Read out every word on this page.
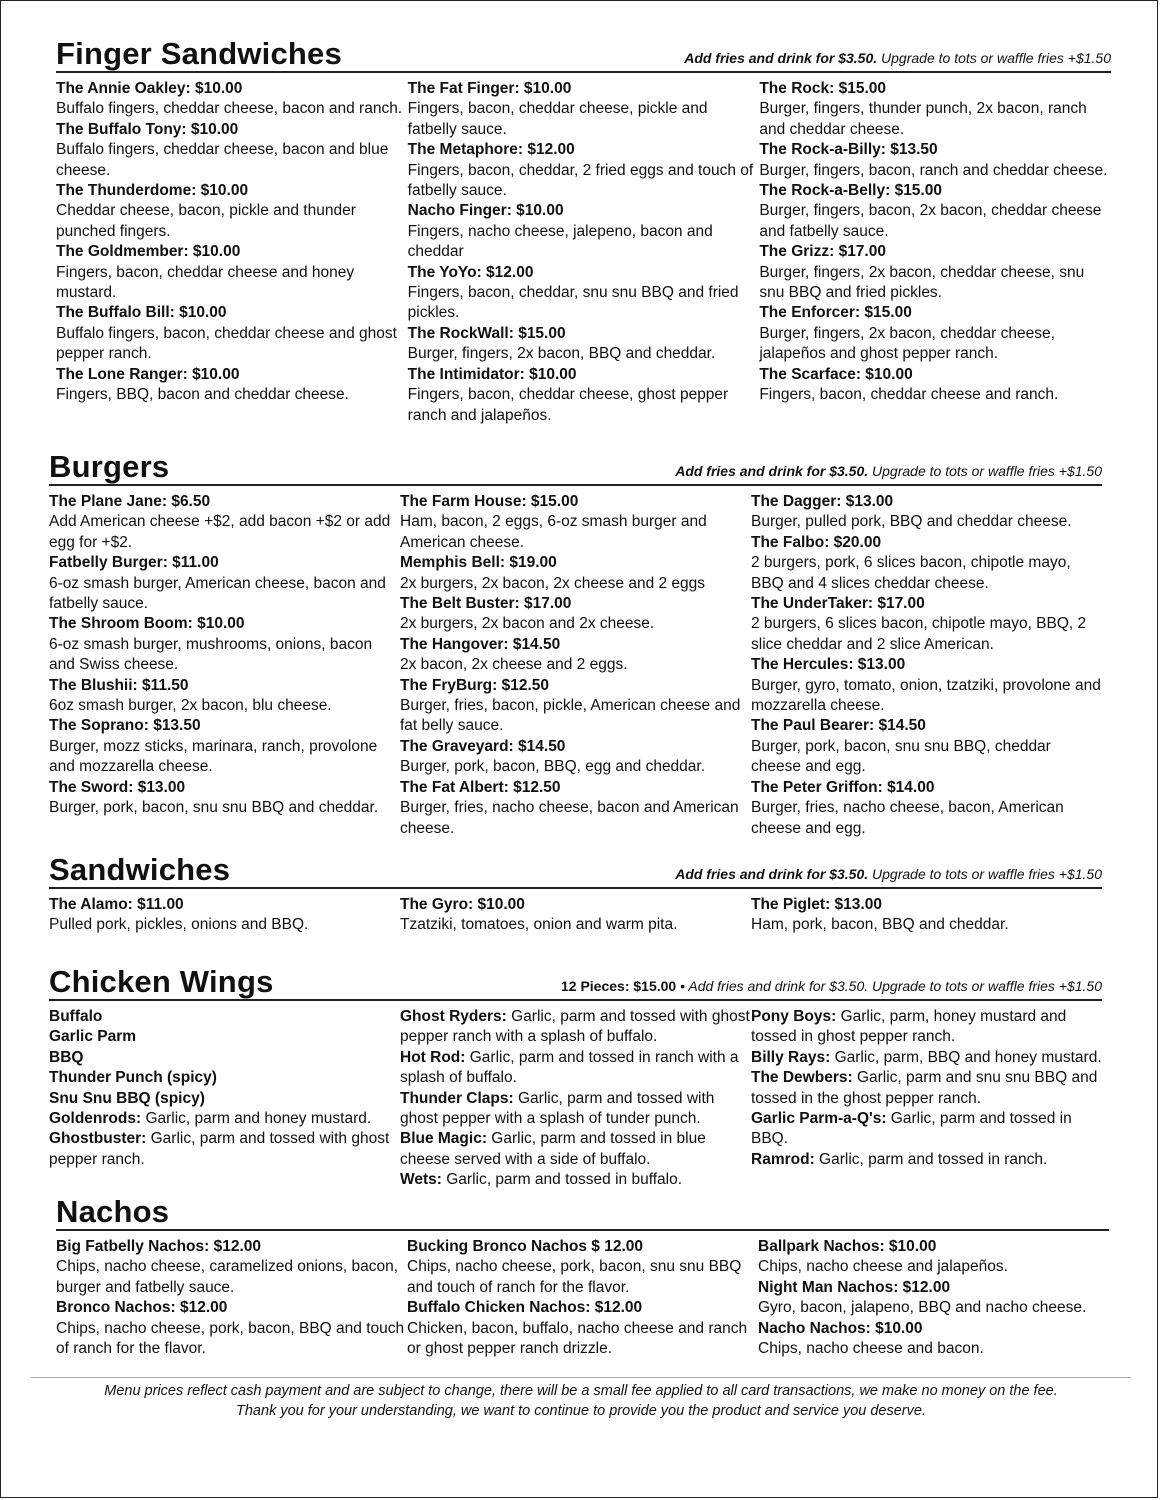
Finger Sandwiches	Add fries and drink for $3.50. Upgrade to tots or waffle fries +$1.50
The Annie Oakley: $10.00
Buffalo fingers, cheddar cheese, bacon and ranch.
The Buffalo Tony: $10.00
Buffalo fingers, cheddar cheese, bacon and blue cheese.
The Thunderdome: $10.00
Cheddar cheese, bacon, pickle and thunder punched fingers.
The Goldmember: $10.00
Fingers, bacon, cheddar cheese and honey mustard.
The Buffalo Bill: $10.00
Buffalo fingers, bacon, cheddar cheese and ghost pepper ranch.
The Lone Ranger: $10.00
Fingers, BBQ, bacon and cheddar cheese.
The Fat Finger: $10.00
Fingers, bacon, cheddar cheese, pickle and fatbelly sauce.
The Metaphore: $12.00
Fingers, bacon, cheddar, 2 fried eggs and touch of fatbelly sauce.
Nacho Finger: $10.00
Fingers, nacho cheese, jalepeno, bacon and cheddar
The YoYo: $12.00
Fingers, bacon, cheddar, snu snu BBQ and fried pickles.
The RockWall: $15.00
Burger, fingers, 2x bacon, BBQ and cheddar.
The Intimidator: $10.00
Fingers, bacon, cheddar cheese, ghost pepper ranch and jalapeños.
The Rock: $15.00
Burger, fingers, thunder punch, 2x bacon, ranch and cheddar cheese.
The Rock-a-Billy: $13.50
Burger, fingers, bacon, ranch and cheddar cheese.
The Rock-a-Belly: $15.00
Burger, fingers, bacon, 2x bacon, cheddar cheese and fatbelly sauce.
The Grizz: $17.00
Burger, fingers, 2x bacon, cheddar cheese, snu snu BBQ and fried pickles.
The Enforcer: $15.00
Burger, fingers, 2x bacon, cheddar cheese, jalapeños and ghost pepper ranch.
The Scarface: $10.00
Fingers, bacon, cheddar cheese and ranch.
Burgers	Add fries and drink for $3.50. Upgrade to tots or waffle fries +$1.50
The Plane Jane: $6.50
Add American cheese +$2, add bacon +$2 or add egg for +$2.
Fatbelly Burger: $11.00
6-oz smash burger, American cheese, bacon and fatbelly sauce.
The Shroom Boom: $10.00
6-oz smash burger, mushrooms, onions, bacon and Swiss cheese.
The Blushii: $11.50
6oz smash burger, 2x bacon, blu cheese.
The Soprano: $13.50
Burger, mozz sticks, marinara, ranch, provolone and mozzarella cheese.
The Sword: $13.00
Burger, pork, bacon, snu snu BBQ and cheddar.
The Farm House: $15.00
Ham, bacon, 2 eggs, 6-oz smash burger and American cheese.
Memphis Bell: $19.00
2x burgers, 2x bacon, 2x cheese and 2 eggs
The Belt Buster: $17.00
2x burgers, 2x bacon and 2x cheese.
The Hangover: $14.50
2x bacon, 2x cheese and 2 eggs.
The FryBurg: $12.50
Burger, fries, bacon, pickle, American cheese and fat belly sauce.
The Graveyard: $14.50
Burger, pork, bacon, BBQ, egg and cheddar.
The Fat Albert: $12.50
Burger, fries, nacho cheese, bacon and American cheese.
The Dagger: $13.00
Burger, pulled pork, BBQ and cheddar cheese.
The Falbo: $20.00
2 burgers, pork, 6 slices bacon, chipotle mayo, BBQ and 4 slices cheddar cheese.
The UnderTaker: $17.00
2 burgers, 6 slices bacon, chipotle mayo, BBQ, 2 slice cheddar and 2 slice American.
The Hercules: $13.00
Burger, gyro, tomato, onion, tzatziki, provolone and mozzarella cheese.
The Paul Bearer: $14.50
Burger, pork, bacon, snu snu BBQ, cheddar cheese and egg.
The Peter Griffon: $14.00
Burger, fries, nacho cheese, bacon, American cheese and egg.
Sandwiches	Add fries and drink for $3.50. Upgrade to tots or waffle fries +$1.50
The Alamo: $11.00
Pulled pork, pickles, onions and BBQ.
The Gyro: $10.00
Tzatziki, tomatoes, onion and warm pita.
The Piglet: $13.00
Ham, pork, bacon, BBQ and cheddar.
Chicken Wings	12 Pieces: $15.00 • Add fries and drink for $3.50. Upgrade to tots or waffle fries +$1.50
Buffalo
Garlic Parm
BBQ
Thunder Punch (spicy)
Snu Snu BBQ (spicy)
Goldenrods: Garlic, parm and honey mustard.
Ghostbuster: Garlic, parm and tossed with ghost pepper ranch.
Ghost Ryders: Garlic, parm and tossed with ghost pepper ranch with a splash of buffalo.
Hot Rod: Garlic, parm and tossed in ranch with a splash of buffalo.
Thunder Claps: Garlic, parm and tossed with ghost pepper with a splash of tunder punch.
Blue Magic: Garlic, parm and tossed in blue cheese served with a side of buffalo.
Wets: Garlic, parm and tossed in buffalo.
Pony Boys: Garlic, parm, honey mustard and tossed in ghost pepper ranch.
Billy Rays: Garlic, parm, BBQ and honey mustard.
The Dewbers: Garlic, parm and snu snu BBQ and tossed in the ghost pepper ranch.
Garlic Parm-a-Q's: Garlic, parm and tossed in BBQ.
Ramrod: Garlic, parm and tossed in ranch.
Nachos
Big Fatbelly Nachos: $12.00
Chips, nacho cheese, caramelized onions, bacon, burger and fatbelly sauce.
Bronco Nachos: $12.00
Chips, nacho cheese, pork, bacon, BBQ and touch of ranch for the flavor.
Bucking Bronco Nachos $ 12.00
Chips, nacho cheese, pork, bacon, snu snu BBQ and touch of ranch for the flavor.
Buffalo Chicken Nachos: $12.00
Chicken, bacon, buffalo, nacho cheese and ranch or ghost pepper ranch drizzle.
Ballpark Nachos: $10.00
Chips, nacho cheese and jalapeños.
Night Man Nachos: $12.00
Gyro, bacon, jalapeno, BBQ and nacho cheese.
Nacho Nachos: $10.00
Chips, nacho cheese and bacon.
Menu prices reflect cash payment and are subject to change, there will be a small fee applied to all card transactions, we make no money on the fee.
Thank you for your understanding, we want to continue to provide you the product and service you deserve.
